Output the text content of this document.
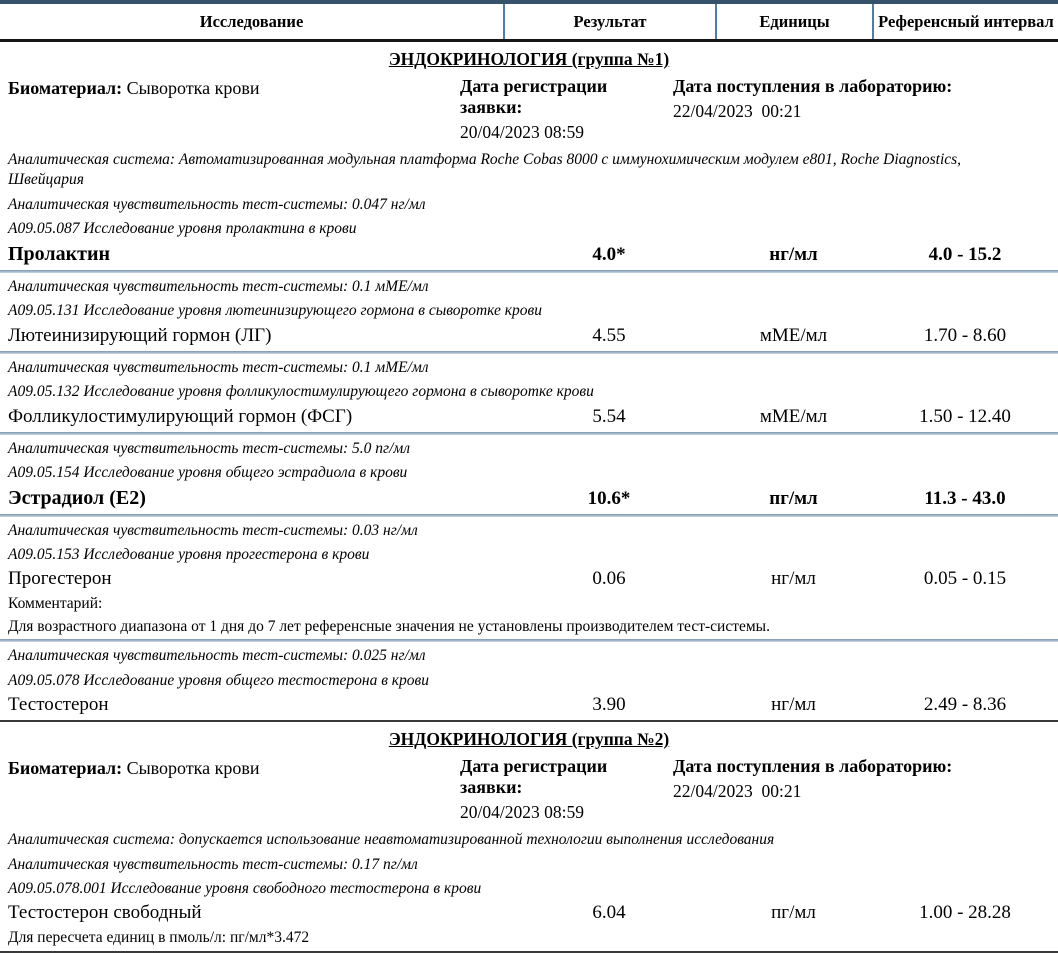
Исследование	Результат	Единицы	Референсный интервал
ЭНДОКРИНОЛОГИЯ (группа №1)
Биоматериал: Сыворотка крови	Дата регистрации заявки:
20/04/2023 08:59
Дата поступления в лабораторию:
22/04/2023  00:21
Аналитическая система: Автоматизированная модульная платформа Roche Cobas 8000 с иммунохимическим модулем е801, Roche Diagnostics, Швейцария
Аналитическая чувствительность тест-системы: 0.047 нг/мл
А09.05.087 Исследование уровня пролактина в крови
Пролактин	4.0*	нг/мл	4.0 - 15.2
Аналитическая чувствительность тест-системы: 0.1 мМЕ/мл
А09.05.131 Исследование уровня лютеинизирующего гормона в сыворотке крови
Лютеинизирующий гормон (ЛГ)	4.55	мМЕ/мл	1.70 - 8.60
Аналитическая чувствительность тест-системы: 0.1 мМЕ/мл
А09.05.132 Исследование уровня фолликулостимулирующего гормона в сыворотке крови
Фолликулостимулирующий гормон (ФСГ)	5.54	мМЕ/мл	1.50 - 12.40
Аналитическая чувствительность тест-системы: 5.0 пг/мл
А09.05.154 Исследование уровня общего эстрадиола в крови
Эстрадиол (Е2)	10.6*	пг/мл	11.3 - 43.0
Аналитическая чувствительность тест-системы: 0.03 нг/мл
А09.05.153 Исследование уровня прогестерона в крови
Прогестерон	0.06	нг/мл	0.05 - 0.15
Комментарий:
Для возрастного диапазона от 1 дня до 7 лет референсные значения не установлены производителем тест-системы.
Аналитическая чувствительность тест-системы: 0.025 нг/мл
А09.05.078 Исследование уровня общего тестостерона в крови
Тестостерон	3.90	нг/мл	2.49 - 8.36
ЭНДОКРИНОЛОГИЯ (группа №2)
Биоматериал: Сыворотка крови	Дата регистрации заявки:
20/04/2023 08:59
Дата поступления в лабораторию:
22/04/2023  00:21
Аналитическая система: допускается использование неавтоматизированной технологии выполнения исследования
Аналитическая чувствительность тест-системы: 0.17 пг/мл
А09.05.078.001 Исследование уровня свободного тестостерона в крови
Тестостерон свободный	6.04	пг/мл	1.00 - 28.28
Для пересчета единиц в пмоль/л: пг/мл*3.472
